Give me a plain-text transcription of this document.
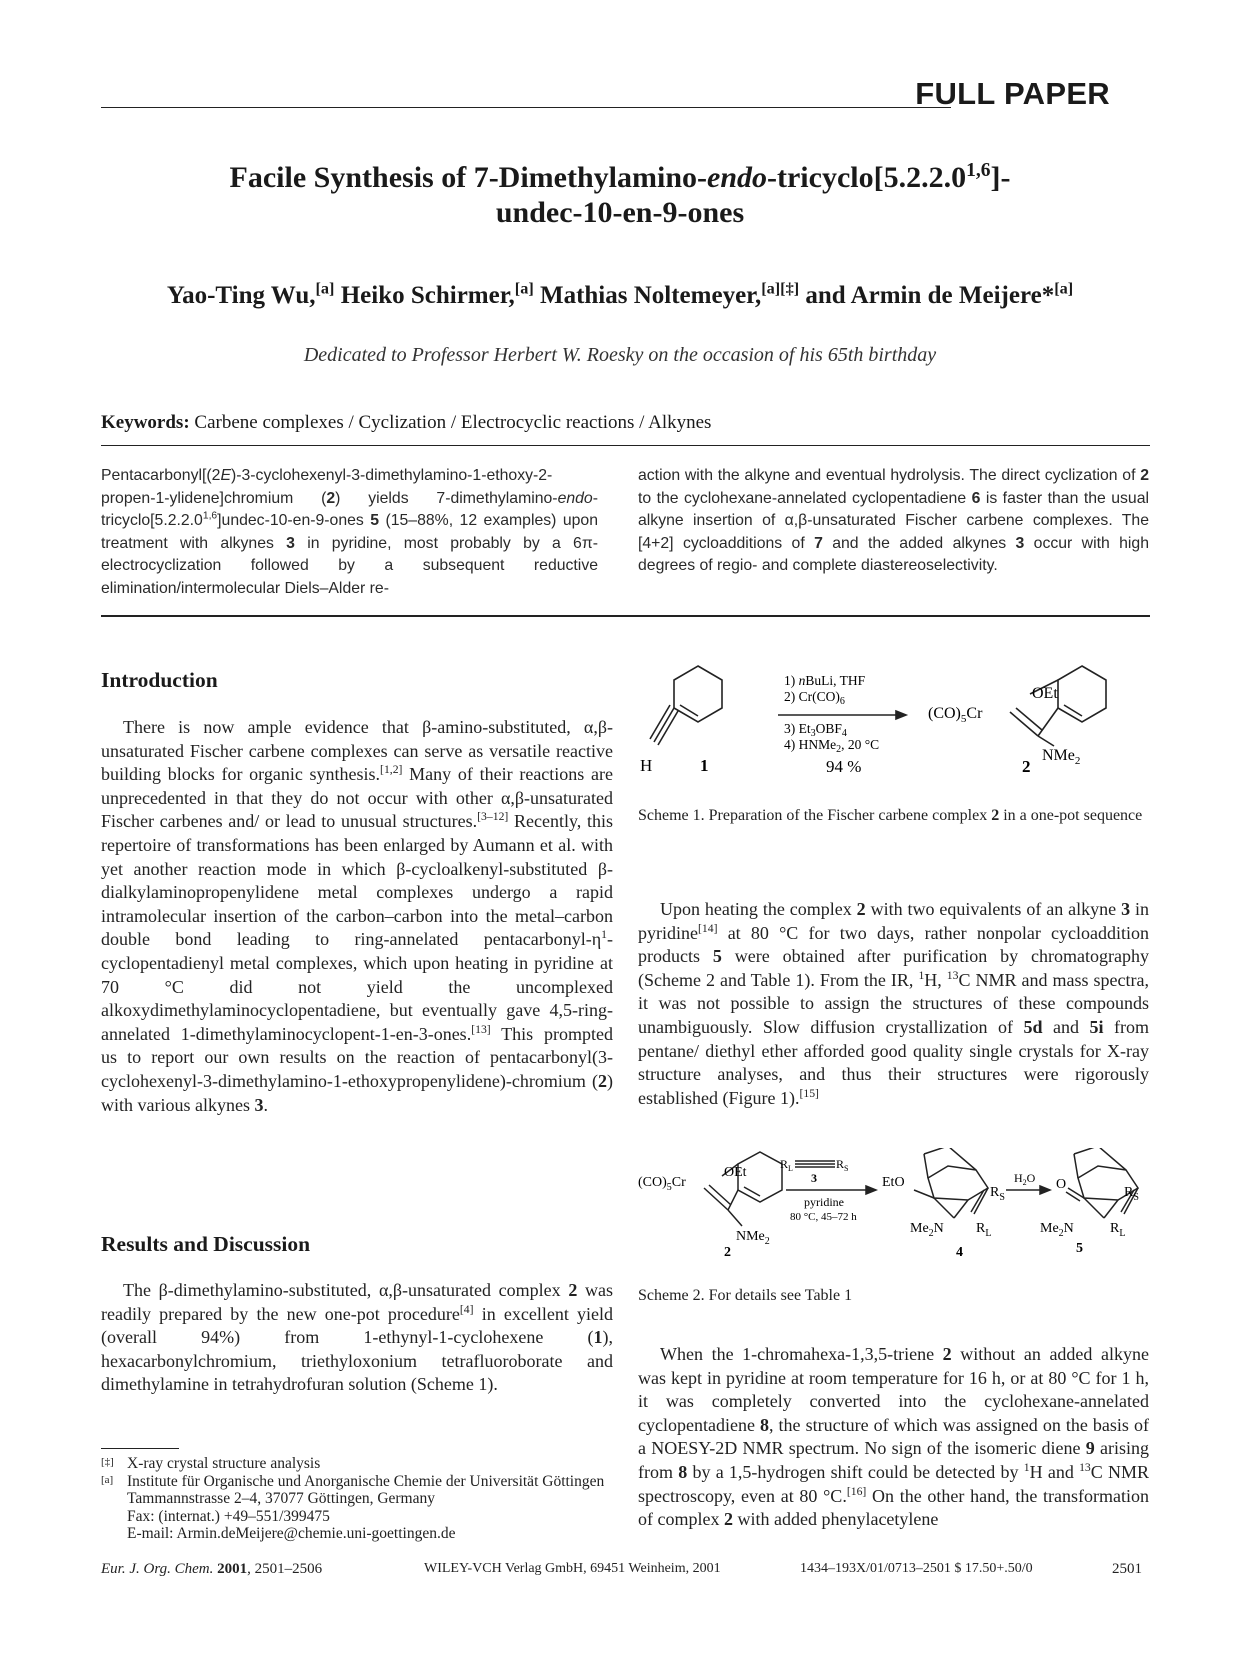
FULL PAPER
Facile Synthesis of 7-Dimethylamino-endo-tricyclo[5.2.2.0$^{1,6}$]-
undec-10-en-9-ones
Yao-Ting Wu,[a] Heiko Schirmer,[a] Mathias Noltemeyer,[a][‡] and Armin de Meijere*[a]
Dedicated to Professor Herbert W. Roesky on the occasion of his 65th birthday
Keywords: Carbene complexes / Cyclization / Electrocyclic reactions / Alkynes
Pentacarbonyl[(2E)-3-cyclohexenyl-3-dimethylamino-1-ethoxy-2-propen-1-ylidene]chromium (2) yields 7-dimethylamino-endo-tricyclo[5.2.2.0$^{1,6}$]undec-10-en-9-ones 5 (15–88%, 12 examples) upon treatment with alkynes 3 in pyridine, most probably by a 6π-electrocyclization followed by a subsequent reductive elimination/intermolecular Diels–Alder re-
action with the alkyne and eventual hydrolysis. The direct cyclization of 2 to the cyclohexane-annelated cyclopentadiene 6 is faster than the usual alkyne insertion of α,β-unsaturated Fischer carbene complexes. The [4+2] cycloadditions of 7 and the added alkynes 3 occur with high degrees of regio- and complete diastereoselectivity.
Introduction

There is now ample evidence that β-amino-substituted, α,β-unsaturated Fischer carbene complexes can serve as versatile reactive building blocks for organic synthesis.[1,2] Many of their reactions are unprecedented in that they do not occur with other α,β-unsaturated Fischer carbenes and/ or lead to unusual structures.[3–12] Recently, this repertoire of transformations has been enlarged by Aumann et al. with yet another reaction mode in which β-cycloalkenyl-substituted β-dialkylaminopropenylidene metal complexes undergo a rapid intramolecular insertion of the carbon–carbon into the metal–carbon double bond leading to ring-annelated pentacarbonyl-$\eta^1$-cyclopentadienyl metal complexes, which upon heating in pyridine at 70 °C did not yield the uncomplexed alkoxydimethylaminocyclopentadiene, but eventually gave 4,5-ring-annelated 1-dimethylaminocyclopent-1-en-3-ones.[13] This prompted us to report our own results on the reaction of pentacarbonyl(3-cyclohexenyl-3-dimethylamino-1-ethoxypropenylidene)-chromium (2) with various alkynes 3.

Results and Discussion

The β-dimethylamino-substituted, α,β-unsaturated complex 2 was readily prepared by the new one-pot procedure[4] in excellent yield (overall 94%) from 1-ethynyl-1-cyclohexene (1), hexacarbonylchromium, triethyloxonium tetrafluoroborate and dimethylamine in tetrahydrofuran solution (Scheme 1).

[‡] X-ray crystal structure analysis
[a] Institute für Organische und Anorganische Chemie der Universität Göttingen
Tammannstrasse 2–4, 37077 Göttingen, Germany
Fax: (internat.) +49–551/399475
E-mail: Armin.deMeijere@chemie.uni-goettingen.de
H	1
1) nBuLi, THF
2) $Cr(CO)_6$
3) $Et_3OBF_4$
4) HNMe$_2$, 20 °C
94 %
$(CO)_5Cr$
OEt
NMe$_2$
2
Scheme 1. Preparation of the Fischer carbene complex 2 in a one-pot sequence

Upon heating the complex 2 with two equivalents of an alkyne 3 in pyridine[14] at 80 °C for two days, rather nonpolar cycloaddition products 5 were obtained after purification by chromatography (Scheme 2 and Table 1). From the IR, $^1$H, $^{13}$C NMR and mass spectra, it was not possible to assign the structures of these compounds unambiguously. Slow diffusion crystallization of 5d and 5i from pentane/ diethyl ether afforded good quality single crystals for X-ray structure analyses, and thus their structures were rigorously established (Figure 1).[15]

$(CO)_5Cr$
OEt
NMe$_2$
2
$R_L$	$R_S$
3
pyridine
80 °C, 45–72 h
EtO
$Me_2N$
$R_S$
$R_L$
4
$H_2O$ O
$Me_2N$
$R_S$
$R_L$
5
Scheme 2. For details see Table 1

When the 1-chromahexa-1,3,5-triene 2 without an added alkyne was kept in pyridine at room temperature for 16 h, or at 80 °C for 1 h, it was completely converted into the cyclohexane-annelated cyclopentadiene 8, the structure of which was assigned on the basis of a NOESY-2D NMR spectrum. No sign of the isomeric diene 9 arising from 8 by a 1,5-hydrogen shift could be detected by $^1$H and $^{13}$C NMR spectroscopy, even at 80 °C.[16] On the other hand, the transformation of complex 2 with added phenylacetylene

Eur. J. Org. Chem. 2001, 2501–2506	WILEY-VCH Verlag GmbH, 69451 Weinheim, 2001	1434–193X/01/0713–2501 $ 17.50+.50/0	2501
